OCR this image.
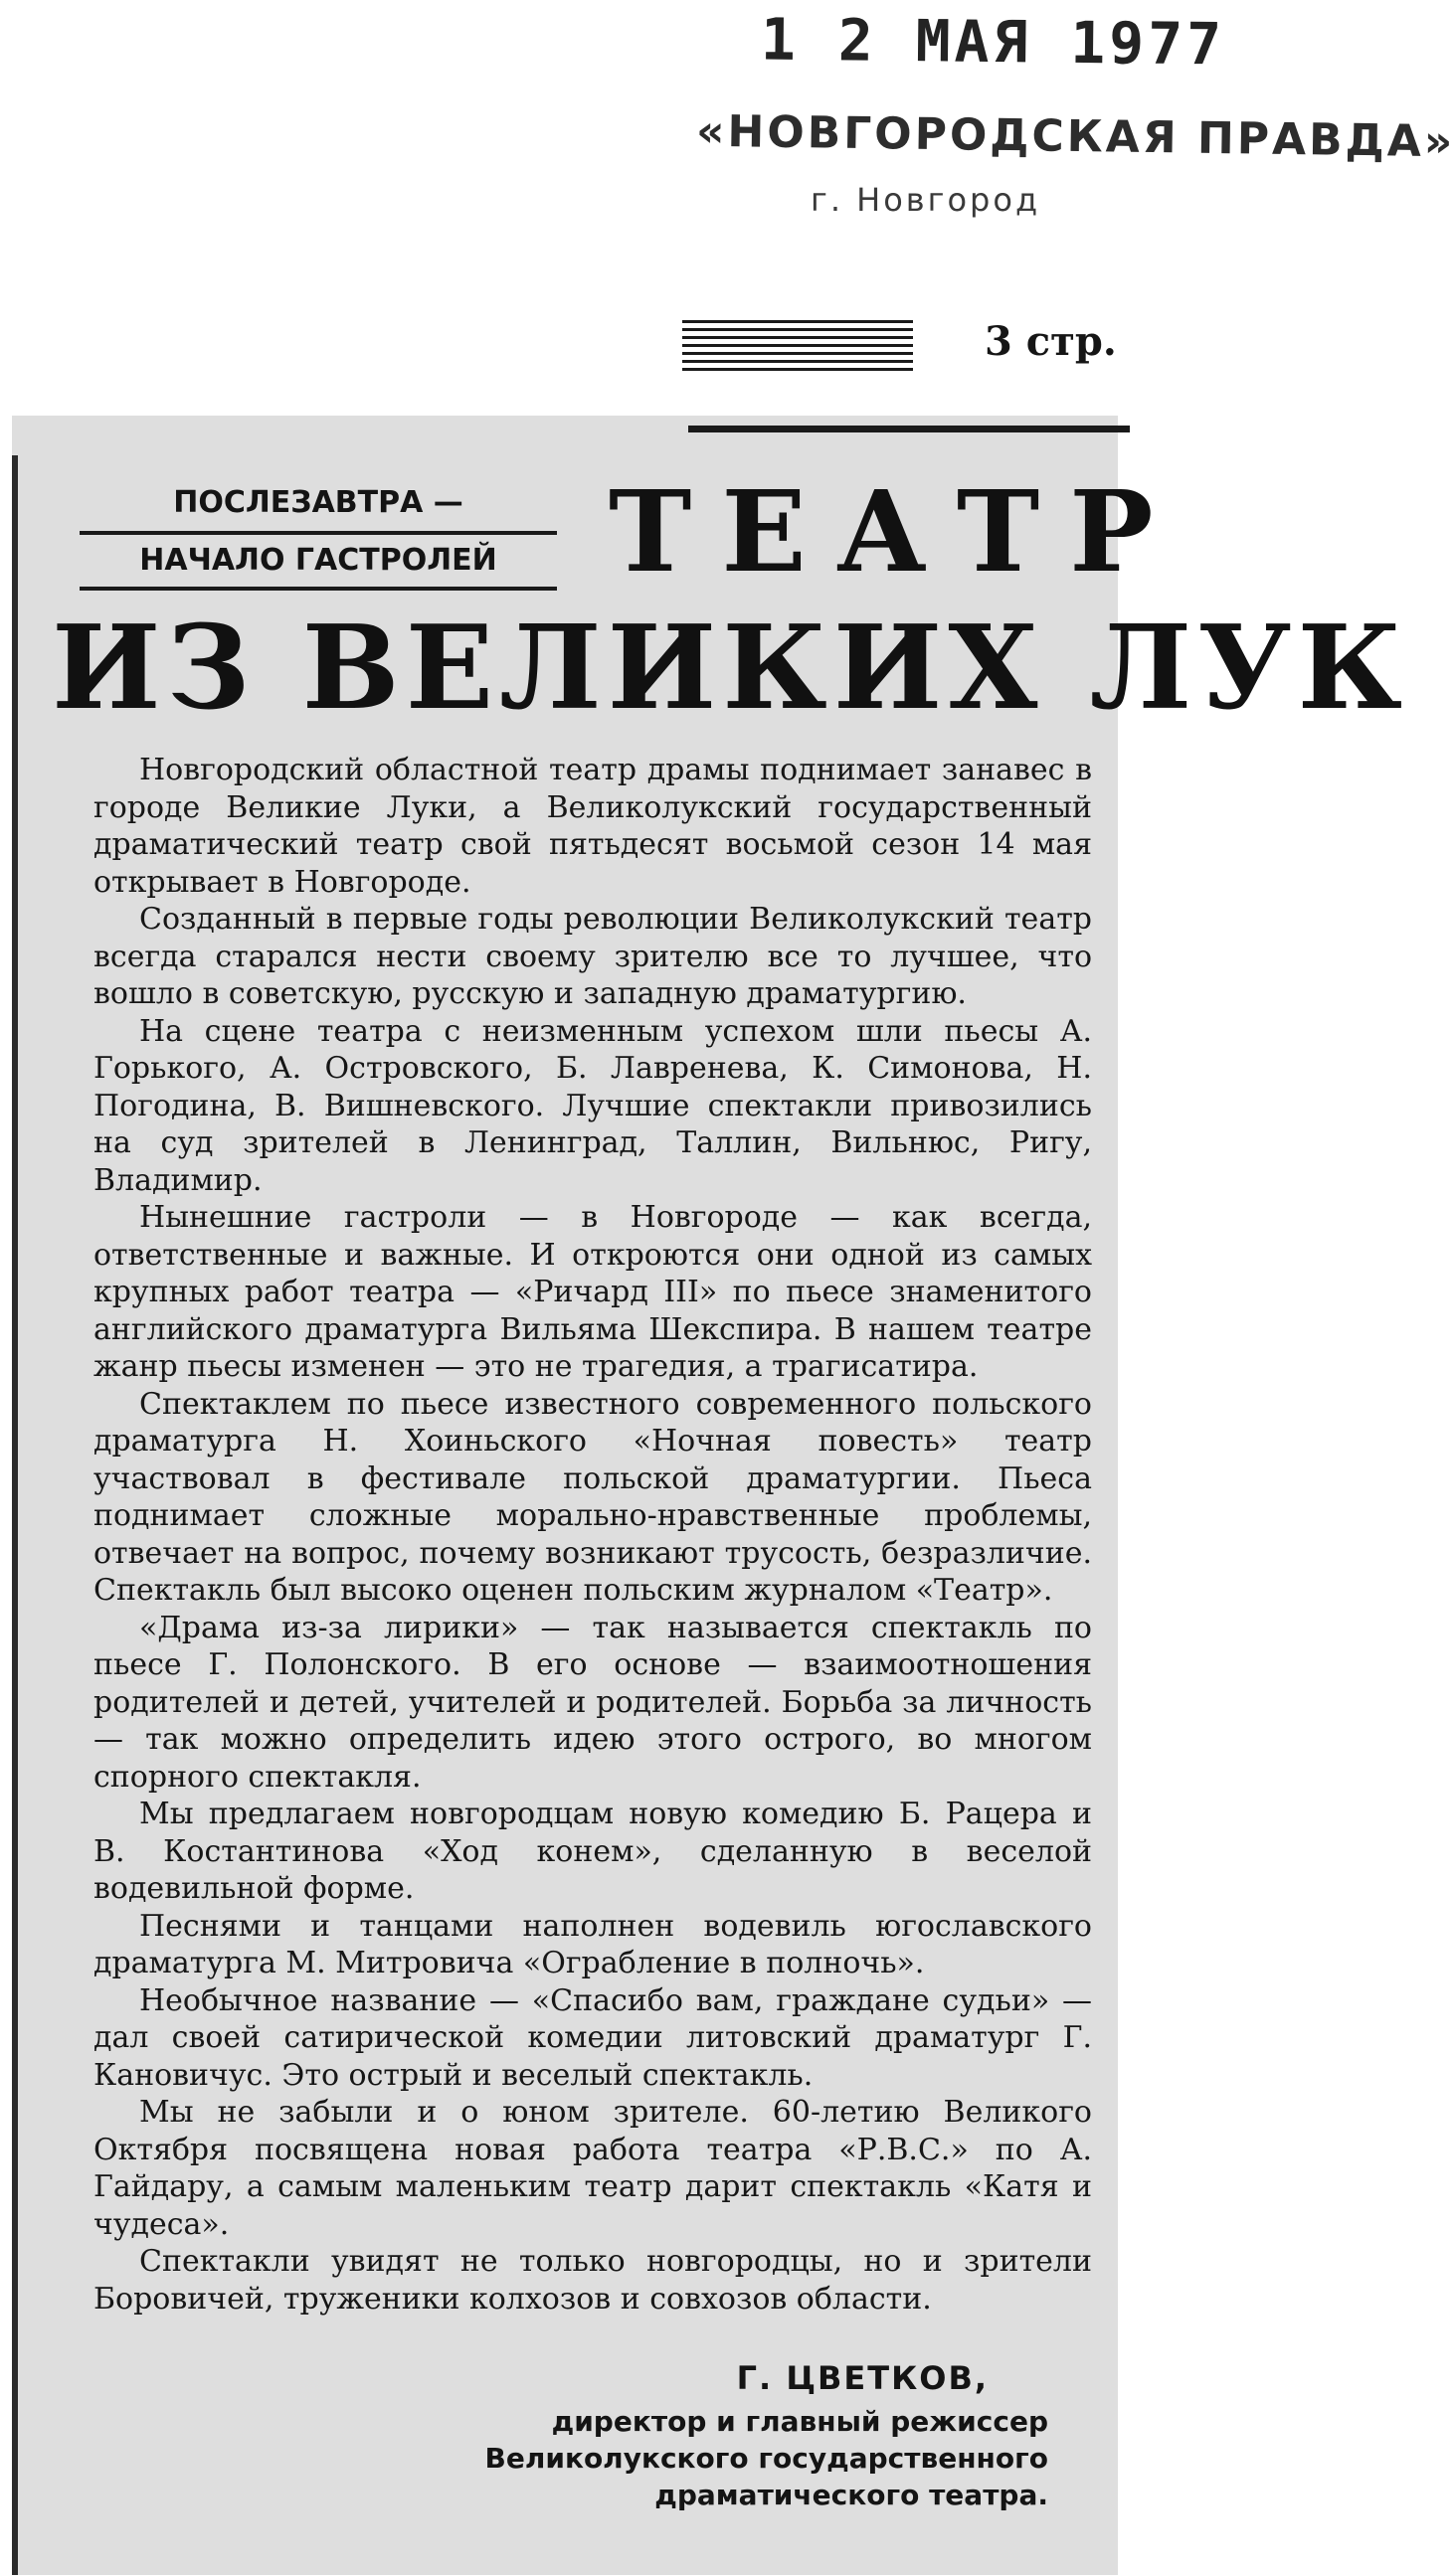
1 2 МАЯ 1977
«НОВГОРОДСКАЯ ПРАВДА»
г. Новгород
3 стр.
ПОСЛЕЗАВТРА —
НАЧАЛО ГАСТРОЛЕЙ	ТЕАТР
ИЗ ВЕЛИКИХ ЛУК

Новгородский областной театр драмы поднимает занавес в городе Великие Луки, а Великолукский государственный драматический театр свой пятьдесят восьмой сезон 14 мая открывает в Новгороде.

Созданный в первые годы революции Великолукский театр всегда старался нести своему зрителю все то лучшее, что вошло в советскую, русскую и западную драматургию.

На сцене театра с неизменным успехом шли пьесы А. Горького, А. Островского, Б. Лавренева, К. Симонова, Н. Погодина, В. Вишневского. Лучшие спектакли привозились на суд зрителей в Ленинград, Таллин, Вильнюс, Ригу, Владимир.

Нынешние гастроли — в Новгороде — как всегда, ответственные и важные. И откроются они одной из самых крупных работ театра — «Ричард III» по пьесе знаменитого английского драматурга Вильяма Шекспира. В нашем театре жанр пьесы изменен — это не трагедия, а трагисатира.

Спектаклем по пьесе известного современного польского драматурга Н. Хоиньского «Ночная повесть» театр участвовал в фестивале польской драматургии. Пьеса поднимает сложные морально-нравственные проблемы, отвечает на вопрос, почему возникают трусость, безразличие. Спектакль был высоко оценен польским журналом «Театр».

«Драма из-за лирики» — так называется спектакль по пьесе Г. Полонского. В его основе — взаимоотношения родителей и детей, учителей и родителей. Борьба за личность — так можно определить идею этого острого, во многом спорного спектакля.

Мы предлагаем новгородцам новую комедию Б. Рацера и В. Костантинова «Ход конем», сделанную в веселой водевильной форме.

Песнями и танцами наполнен водевиль югославского драматурга М. Митровича «Ограбление в полночь».

Необычное название — «Спасибо вам, граждане судьи» — дал своей сатирической комедии литовский драматург Г. Кановичус. Это острый и веселый спектакль.

Мы не забыли и о юном зрителе. 60-летию Великого Октября посвящена новая работа театра «Р.В.С.» по А. Гайдару, а самым маленьким театр дарит спектакль «Катя и чудеса».

Спектакли увидят не только новгородцы, но и зрители Боровичей, труженики колхозов и совхозов области.

Г. ЦВЕТКОВ,
директор и главный режиссер
Великолукского государственного
драматического театра.
